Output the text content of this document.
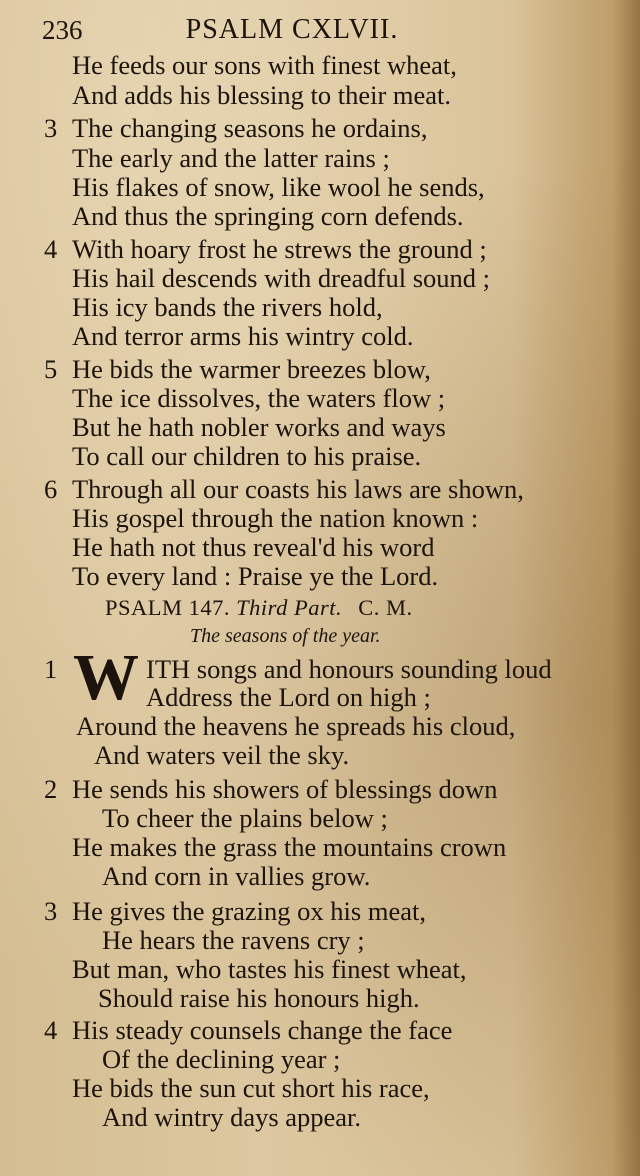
236	PSALM CXLVII.
He feeds our sons with finest wheat,
And adds his blessing to their meat.
3 The changing seasons he ordains,
The early and the latter rains ;
His flakes of snow, like wool he sends,
And thus the springing corn defends.
4 With hoary frost he strews the ground ;
His hail descends with dreadful sound ;
His icy bands the rivers hold,
And terror arms his wintry cold.
5 He bids the warmer breezes blow,
The ice dissolves, the waters flow ;
But he hath nobler works and ways
To call our children to his praise.
6 Through all our coasts his laws are shown,
His gospel through the nation known :
He hath not thus reveal'd his word
To every land : Praise ye the Lord.
PSALM 147. Third Part. C. M.
The seasons of the year.
1 W ITH songs and honours sounding loud
Address the Lord on high ;
Around the heavens he spreads his cloud,
And waters veil the sky.
2 He sends his showers of blessings down
To cheer the plains below ;
He makes the grass the mountains crown
And corn in vallies grow.
3 He gives the grazing ox his meat,
He hears the ravens cry ;
But man, who tastes his finest wheat,
Should raise his honours high.
4 His steady counsels change the face
Of the declining year ;
He bids the sun cut short his race,
And wintry days appear.
